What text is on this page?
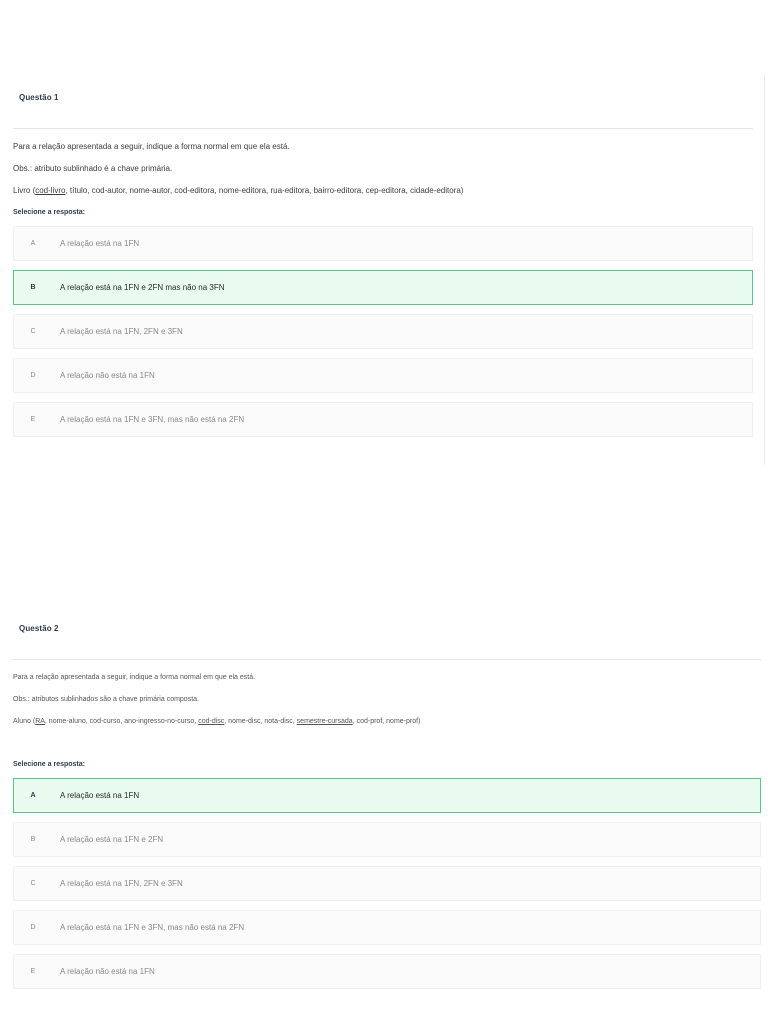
Questão 1

Para a relação apresentada a seguir, indique a forma normal em que ela está.

Obs.: atributo sublinhado é a chave primária.

Livro (cod-livro, título, cod-autor, nome-autor, cod-editora, nome-editora, rua-editora, bairro-editora, cep-editora, cidade-editora)

Selecione a resposta:

A	A relação está na 1FN
B	A relação está na 1FN e 2FN mas não na 3FN
C	A relação está na 1FN, 2FN e 3FN
D	A relação não está na 1FN
E	A relação está na 1FN e 3FN, mas não está na 2FN
Questão 2

Para a relação apresentada a seguir, indique a forma normal em que ela está.

Obs.: atributos sublinhados são a chave primária composta.

Aluno (RA, nome-aluno, cod-curso, ano-ingresso-no-curso, cod-disc, nome-disc, nota-disc, semestre-cursada, cod-prof, nome-prof)

Selecione a resposta:

A	A relação está na 1FN
B	A relação está na 1FN e 2FN
C	A relação está na 1FN, 2FN e 3FN
D	A relação está na 1FN e 3FN, mas não está na 2FN
E	A relação não está na 1FN
